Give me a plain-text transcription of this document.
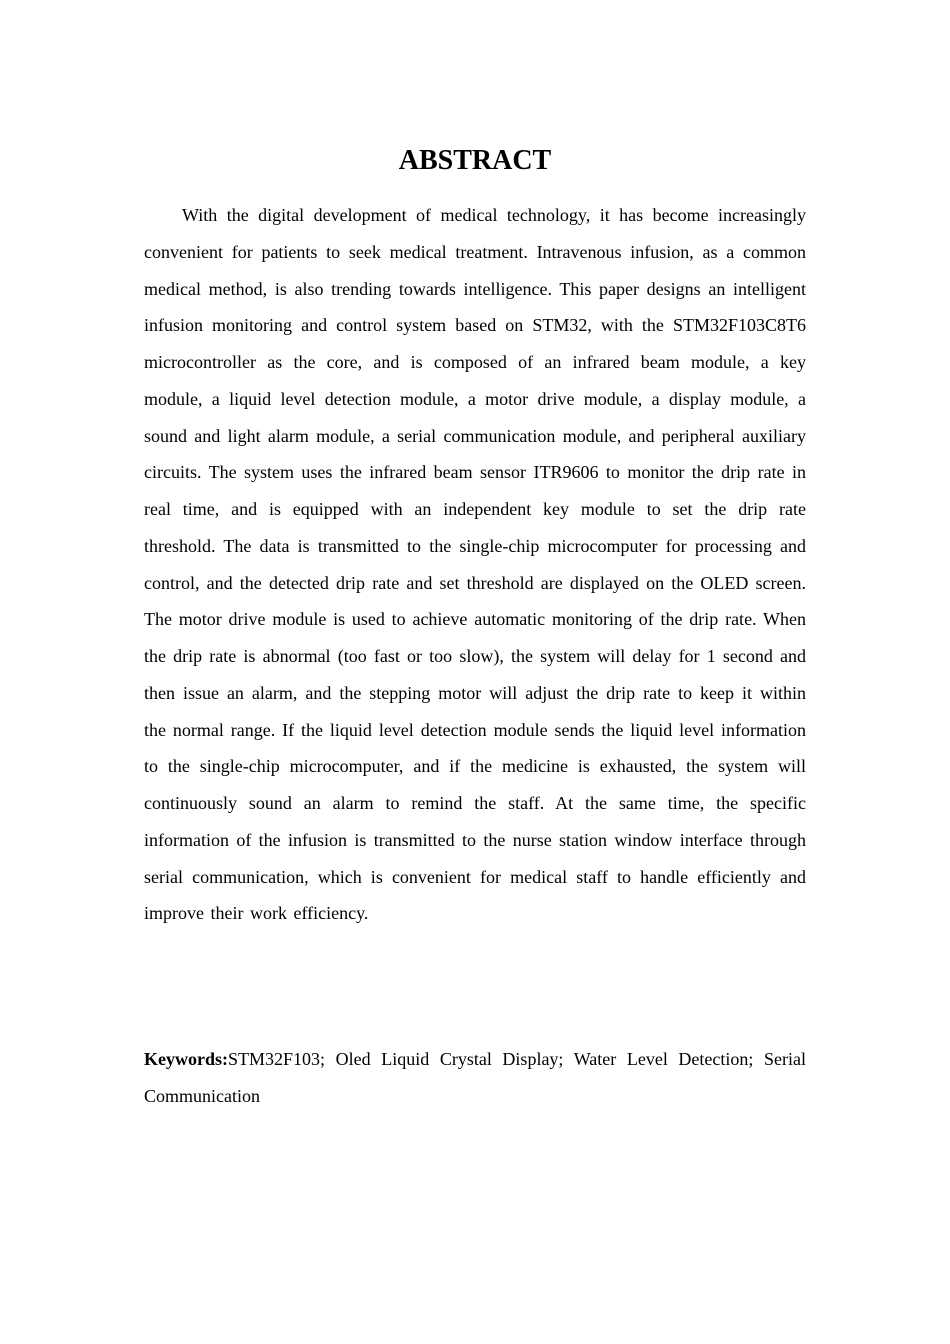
ABSTRACT

With the digital development of medical technology, it has become increasingly convenient for patients to seek medical treatment. Intravenous infusion, as a common medical method, is also trending towards intelligence. This paper designs an intelligent infusion monitoring and control system based on STM32, with the STM32F103C8T6 microcontroller as the core, and is composed of an infrared beam module, a key module, a liquid level detection module, a motor drive module, a display module, a sound and light alarm module, a serial communication module, and peripheral auxiliary circuits. The system uses the infrared beam sensor ITR9606 to monitor the drip rate in real time, and is equipped with an independent key module to set the drip rate threshold. The data is transmitted to the single-chip microcomputer for processing and control, and the detected drip rate and set threshold are displayed on the OLED screen. The motor drive module is used to achieve automatic monitoring of the drip rate. When the drip rate is abnormal (too fast or too slow), the system will delay for 1 second and then issue an alarm, and the stepping motor will adjust the drip rate to keep it within the normal range. If the liquid level detection module sends the liquid level information to the single-chip microcomputer, and if the medicine is exhausted, the system will continuously sound an alarm to remind the staff. At the same time, the specific information of the infusion is transmitted to the nurse station window interface through serial communication, which is convenient for medical staff to handle efficiently and improve their work efficiency.

Keywords:STM32F103; Oled Liquid Crystal Display; Water Level Detection; Serial Communication
